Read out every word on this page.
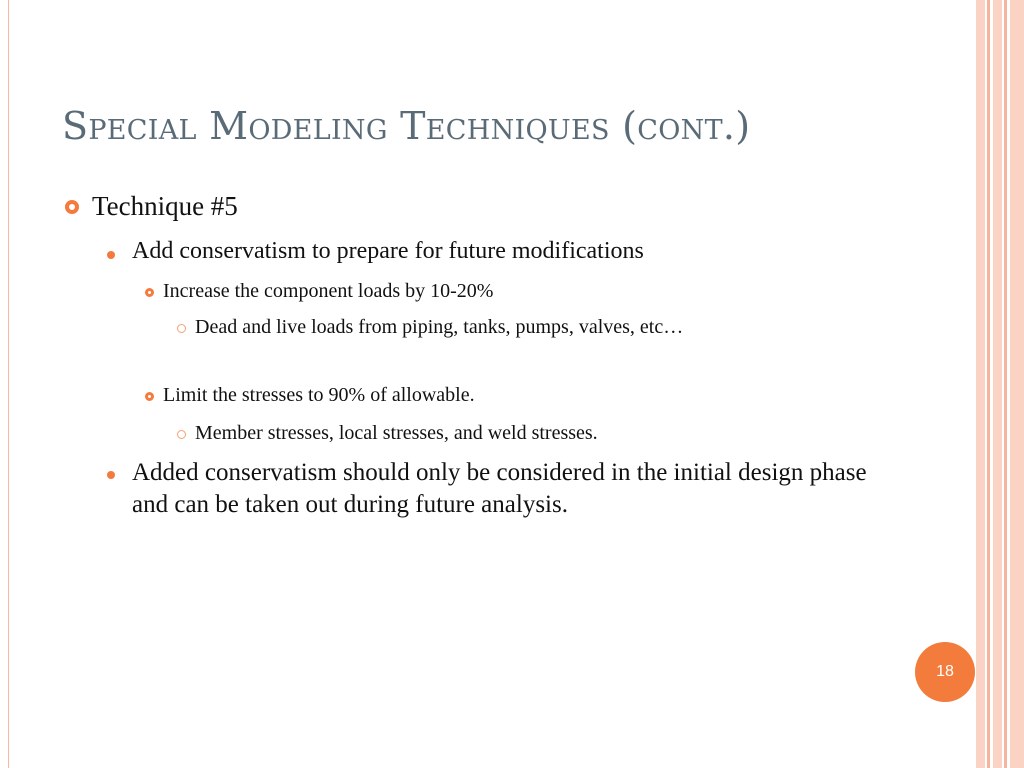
Special Modeling Techniques (cont.)
Technique #5
Add conservatism to prepare for future modifications
Increase the component loads by 10-20%
Dead and live loads from piping, tanks, pumps, valves, etc…
Limit the stresses to 90% of allowable.
Member stresses, local stresses, and weld stresses.
Added conservatism should only be considered in the initial design phase and can be taken out during future analysis.
18
